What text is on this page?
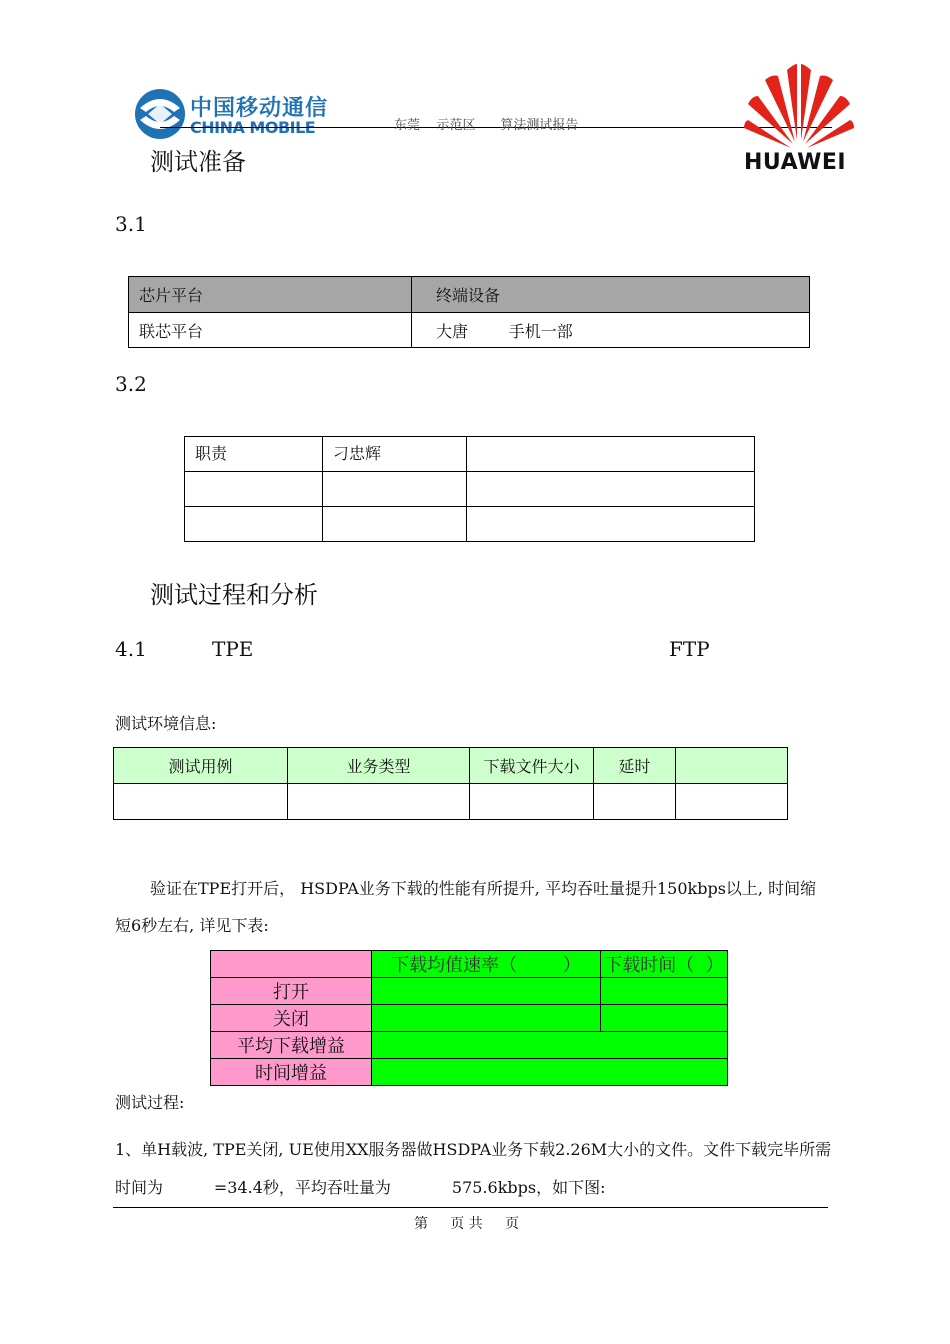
中国移动通信
CHINA MOBILE	东莞    示范区      算法测试报告
HUAWEI
测试准备
3.1
芯片平台	终端设备
联芯平台	大唐        手机一部
3.2
职责	刁忠辉	

测试过程和分析
4.1	TPE	FTP
测试环境信息:
测试用例	业务类型	下载文件大小	延时	

验证在TPE打开后， HSDPA业务下载的性能有所提升, 平均吞吐量提升150kbps以上, 时间缩
短6秒左右, 详见下表:
	下载均值速率（        ）	下载时间（  ）
打开		
关闭		
平均下载增益		
时间增益		
测试过程:
1、单H载波, TPE关闭, UE使用XX服务器做HSDPA业务下载2.26M大小的文件。文件下载完毕所需
时间为          =34.4秒，平均吞吐量为            575.6kbps，如下图:
第     页 共     页
